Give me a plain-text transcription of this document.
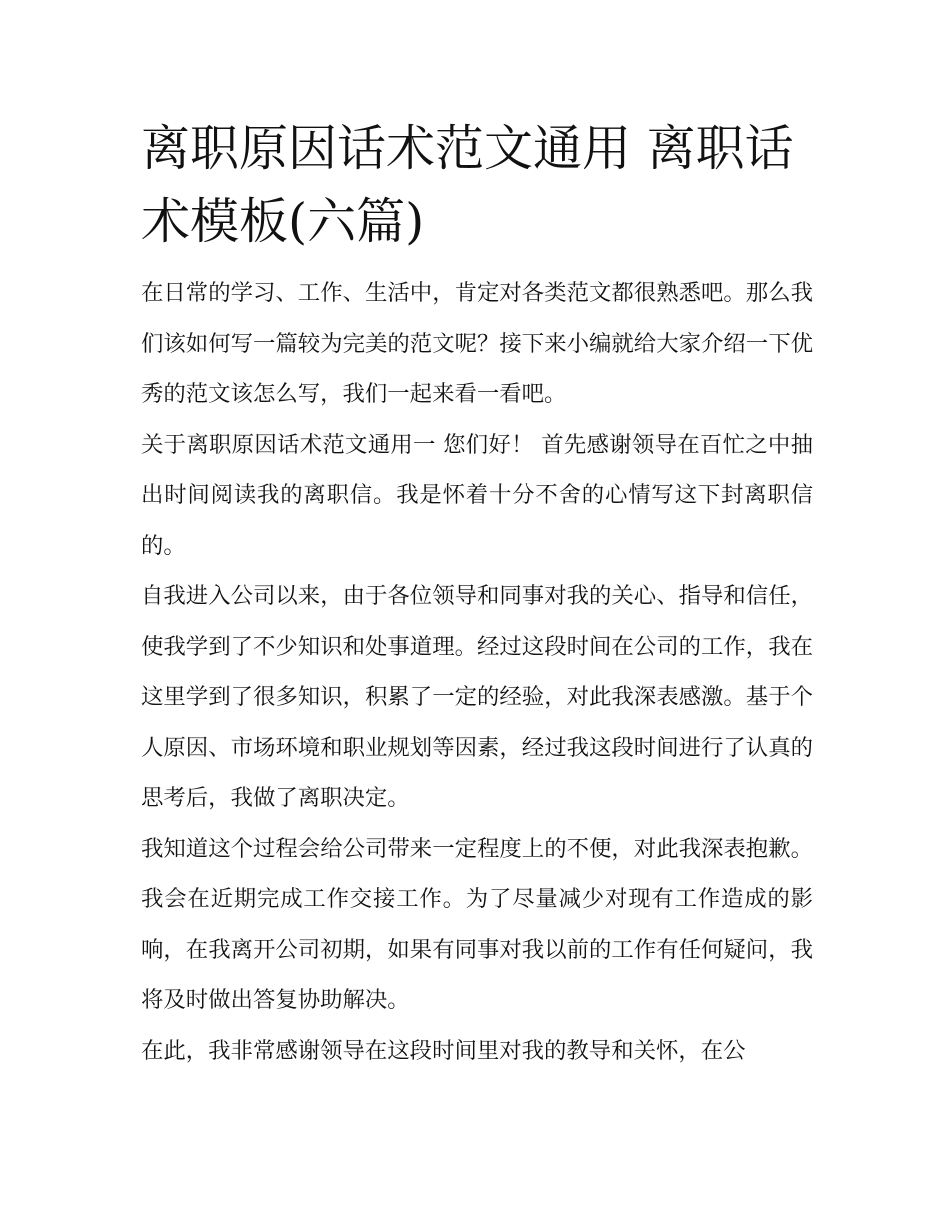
离职原因话术范文通用 离职话术模板(六篇)

在日常的学习、工作、生活中，肯定对各类范文都很熟悉吧。那么我们该如何写一篇较为完美的范文呢？接下来小编就给大家介绍一下优秀的范文该怎么写，我们一起来看一看吧。

关于离职原因话术范文通用一 您们好！ 首先感谢领导在百忙之中抽出时间阅读我的离职信。我是怀着十分不舍的心情写这下封离职信的。

自我进入公司以来，由于各位领导和同事对我的关心、指导和信任，使我学到了不少知识和处事道理。经过这段时间在公司的工作，我在这里学到了很多知识，积累了一定的经验，对此我深表感激。基于个人原因、市场环境和职业规划等因素，经过我这段时间进行了认真的思考后，我做了离职决定。

我知道这个过程会给公司带来一定程度上的不便，对此我深表抱歉。我会在近期完成工作交接工作。为了尽量减少对现有工作造成的影响，在我离开公司初期，如果有同事对我以前的工作有任何疑问，我将及时做出答复协助解决。

在此，我非常感谢领导在这段时间里对我的教导和关怀，在公
